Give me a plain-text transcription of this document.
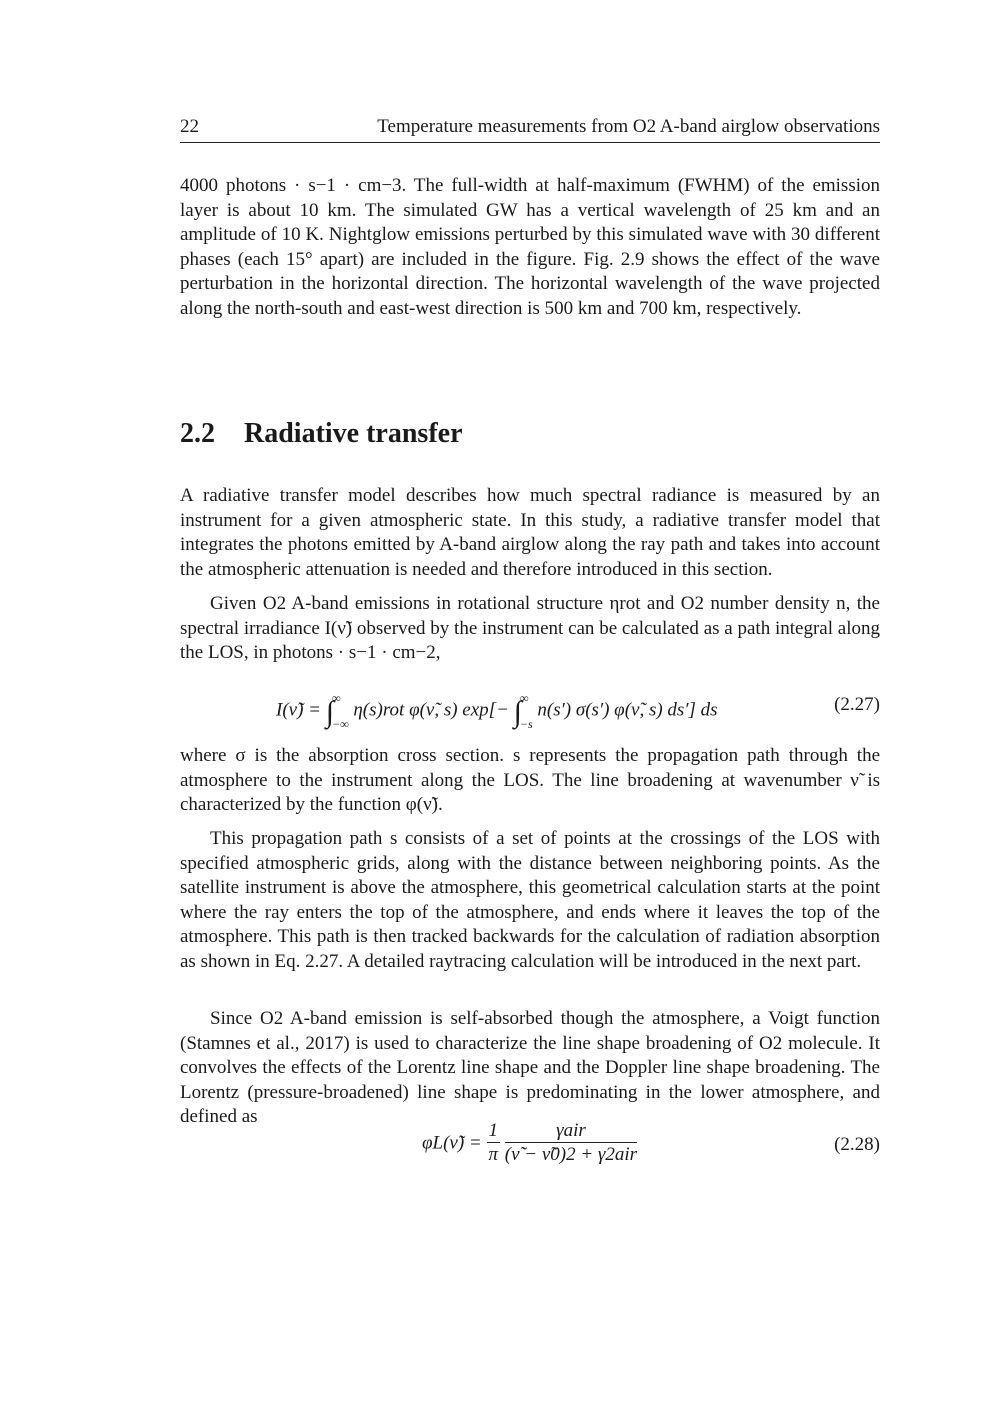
22	Temperature measurements from O2 A-band airglow observations

4000 photons · s−1 · cm−3. The full-width at half-maximum (FWHM) of the emission layer is about 10 km. The simulated GW has a vertical wavelength of 25 km and an amplitude of 10 K. Nightglow emissions perturbed by this simulated wave with 30 different phases (each 15° apart) are included in the figure. Fig. 2.9 shows the effect of the wave perturbation in the horizontal direction. The horizontal wavelength of the wave projected along the north-south and east-west direction is 500 km and 700 km, respectively.

2.2 Radiative transfer

A radiative transfer model describes how much spectral radiance is measured by an instrument for a given atmospheric state. In this study, a radiative transfer model that integrates the photons emitted by A-band airglow along the ray path and takes into account the atmospheric attenuation is needed and therefore introduced in this section.

Given O2 A-band emissions in rotational structure ηrot and O2 number density n, the spectral irradiance I(ν̃) observed by the instrument can be calculated as a path integral along the LOS, in photons · s−1 · cm−2,

I(ν̃) = ∫
∞
−∞
η(s)rot φ(ν̃, s) exp[− ∫
∞
−s
n(s′) σ(s′) φ(ν̃, s) ds′] ds	(2.27)

where σ is the absorption cross section. s represents the propagation path through the atmosphere to the instrument along the LOS. The line broadening at wavenumber ν̃ is characterized by the function φ(ν̃).

This propagation path s consists of a set of points at the crossings of the LOS with specified atmospheric grids, along with the distance between neighboring points. As the satellite instrument is above the atmosphere, this geometrical calculation starts at the point where the ray enters the top of the atmosphere, and ends where it leaves the top of the atmosphere. This path is then tracked backwards for the calculation of radiation absorption as shown in Eq. 2.27. A detailed raytracing calculation will be introduced in the next part.

Since O2 A-band emission is self-absorbed though the atmosphere, a Voigt function (Stamnes et al., 2017) is used to characterize the line shape broadening of O2 molecule. It convolves the effects of the Lorentz line shape and the Doppler line shape broadening. The Lorentz (pressure-broadened) line shape is predominating in the lower atmosphere, and defined as

φL(ν̃) = $\frac{1}{\pi}$
$\frac{\text{γair}}{\text{(ν̃ − ν̃0)2 + γ2air}}$	(2.28)
